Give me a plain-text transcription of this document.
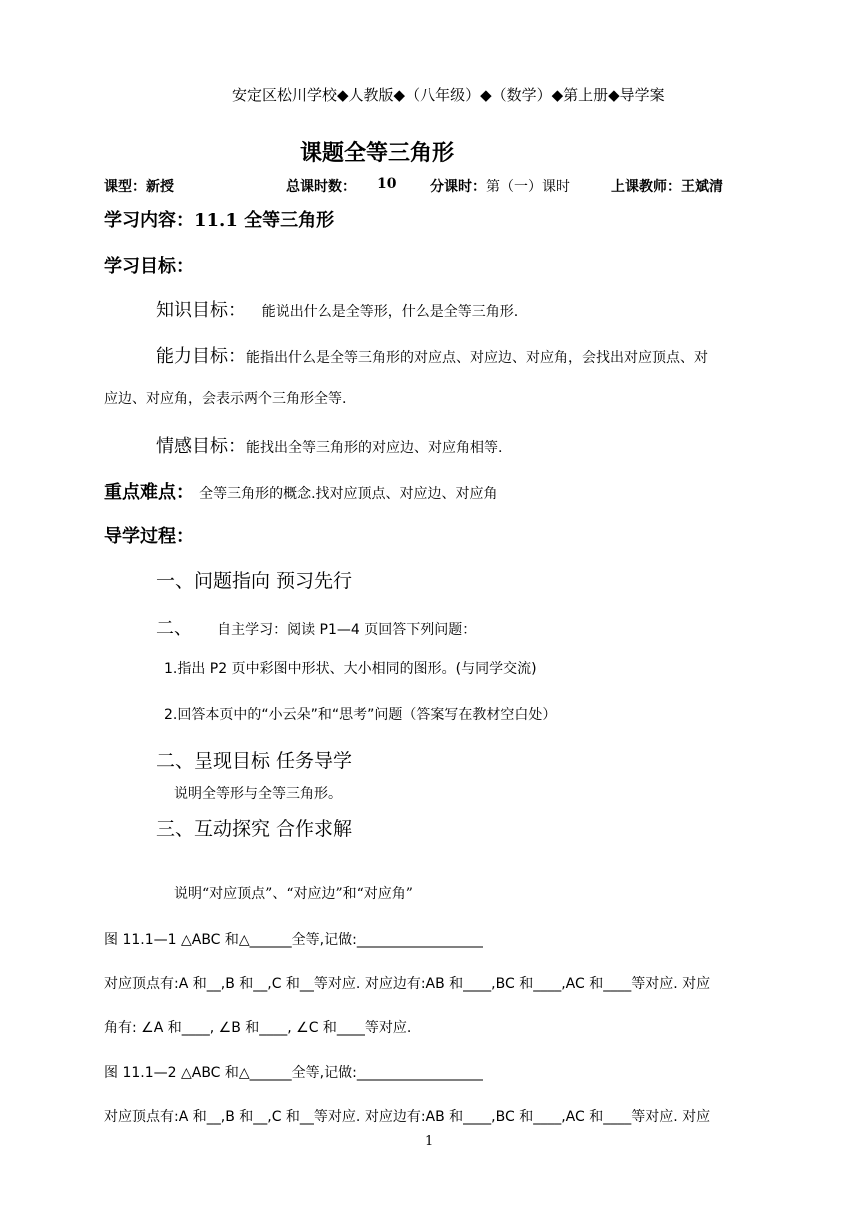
安定区松川学校◆人教版◆（八年级）◆（数学）◆第上册◆导学案
课题全等三角形
课型：新授	总课时数： 10 分课时：第（一）课时	上课教师：王斌清
学习内容：11.1 全等三角形
学习目标：
知识目标： 能说出什么是全等形，什么是全等三角形.
能力目标：能指出什么是全等三角形的对应点、对应边、对应角，会找出对应顶点、对
应边、对应角，会表示两个三角形全等.
情感目标：能找出全等三角形的对应边、对应角相等.
重点难点： 全等三角形的概念.找对应顶点、对应边、对应角
导学过程：
一、问题指向 预习先行
二、 自主学习：阅读 P1—4 页回答下列问题：
1.指出 P2 页中彩图中形状、大小相同的图形。(与同学交流)
2.回答本页中的“小云朵”和“思考”问题（答案写在教材空白处）
二、呈现目标 任务导学
说明全等形与全等三角形。
三、互动探究 合作求解
说明“对应顶点”、“对应边”和“对应角”
图 11.1—1 △ABC 和△______全等,记做:__________________
对应顶点有:A 和__,B 和__,C 和__等对应. 对应边有:AB 和____,BC 和____,AC 和____等对应. 对应
角有: ∠A 和____, ∠B 和____, ∠C 和____等对应.
图 11.1—2 △ABC 和△______全等,记做:__________________
对应顶点有:A 和__,B 和__,C 和__等对应. 对应边有:AB 和____,BC 和____,AC 和____等对应. 对应
1
